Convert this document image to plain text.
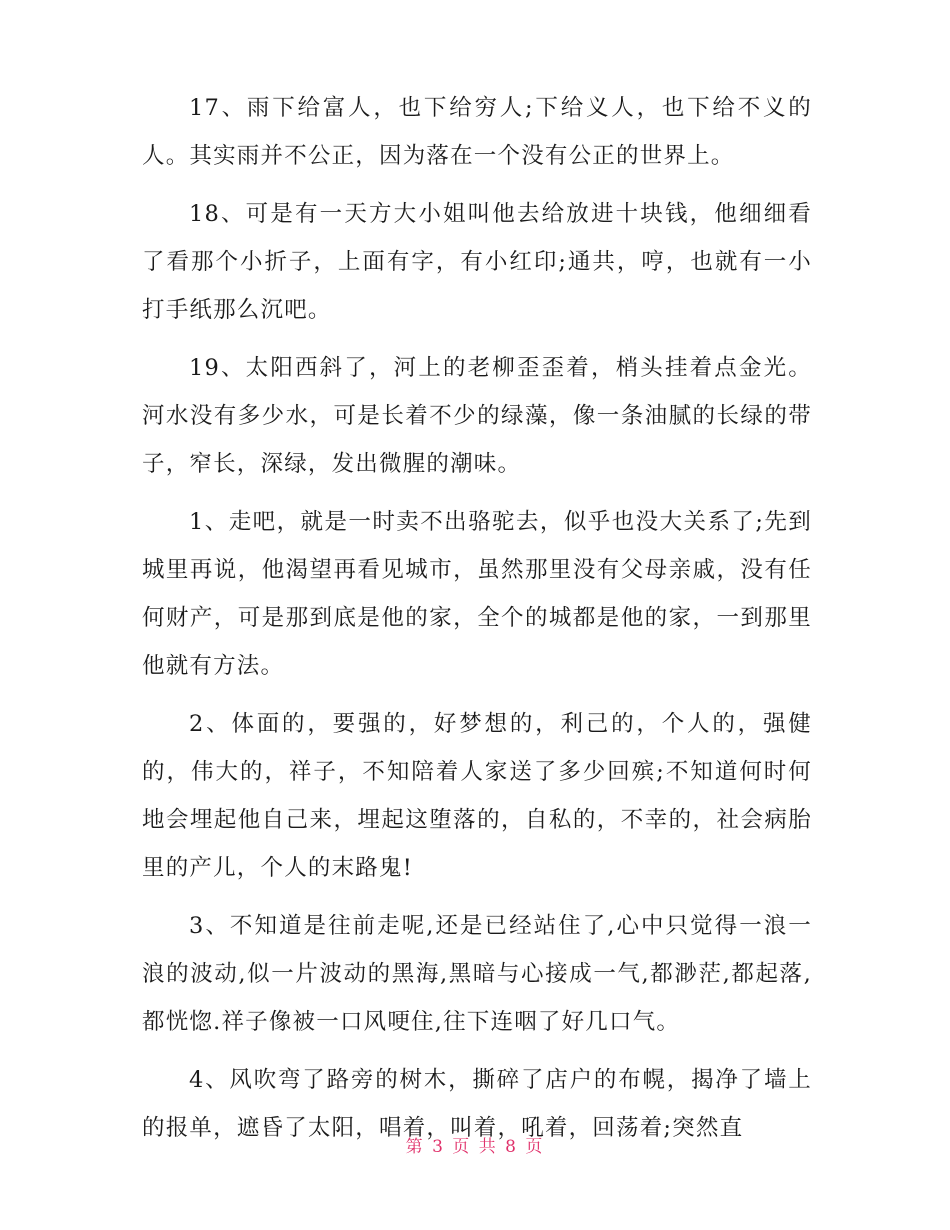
17、雨下给富人，也下给穷人;下给义人，也下给不义的人。其实雨并不公正，因为落在一个没有公正的世界上。

18、可是有一天方大小姐叫他去给放进十块钱，他细细看了看那个小折子，上面有字，有小红印;通共，哼，也就有一小打手纸那么沉吧。

19、太阳西斜了，河上的老柳歪歪着，梢头挂着点金光。河水没有多少水，可是长着不少的绿藻，像一条油腻的长绿的带子，窄长，深绿，发出微腥的潮味。

1、走吧，就是一时卖不出骆驼去，似乎也没大关系了;先到城里再说，他渴望再看见城市，虽然那里没有父母亲戚，没有任何财产，可是那到底是他的家，全个的城都是他的家，一到那里他就有方法。

2、体面的，要强的，好梦想的，利己的，个人的，强健的，伟大的，祥子，不知陪着人家送了多少回殡;不知道何时何地会埋起他自己来，埋起这堕落的，自私的，不幸的，社会病胎里的产儿，个人的末路鬼!

3、不知道是往前走呢,还是已经站住了,心中只觉得一浪一浪的波动,似一片波动的黑海,黑暗与心接成一气,都渺茫,都起落,都恍惚.祥子像被一口风哽住,往下连咽了好几口气。

4、风吹弯了路旁的树木，撕碎了店户的布幌，揭净了墙上的报单，遮昏了太阳，唱着，叫着，吼着，回荡着;突然直

第 3 页 共 8 页
